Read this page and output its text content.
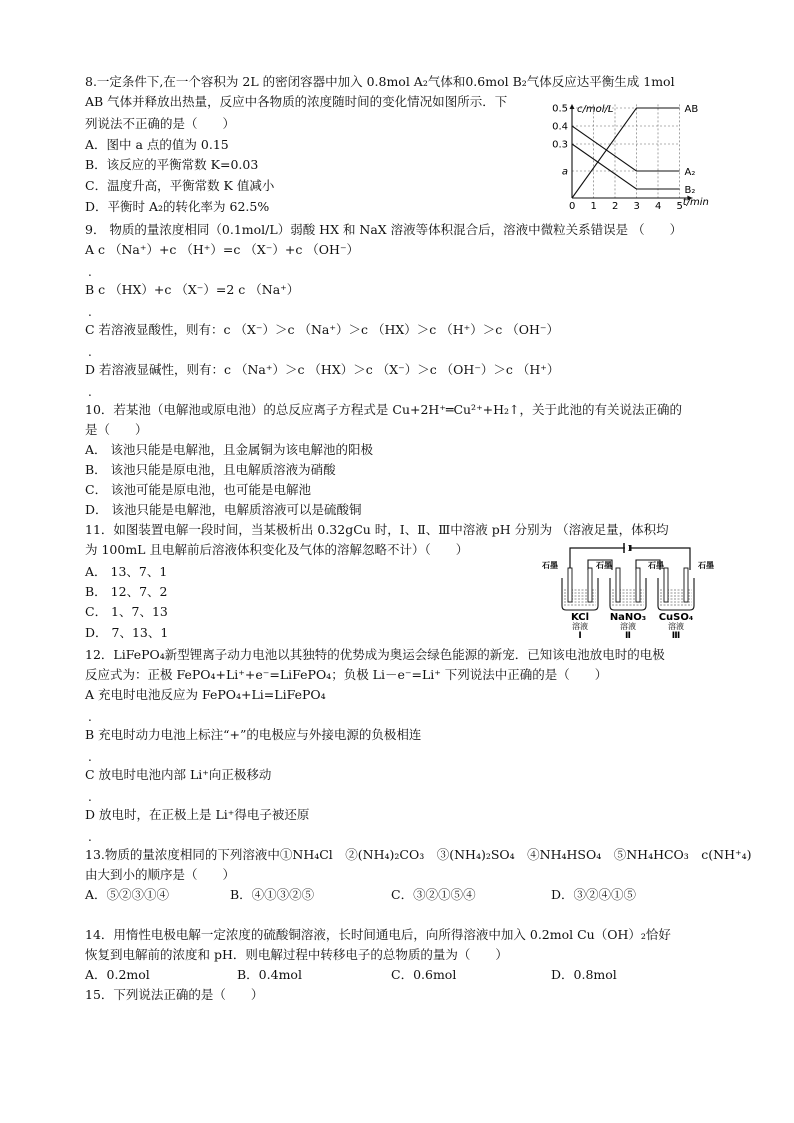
8.一定条件下,在一个容积为 2L 的密闭容器中加入 0.8mol A₂气体和0.6mol B₂气体反应达平衡生成 1mol
AB 气体并释放出热量，反应中各物质的浓度随时间的变化情况如图所示．下
列说法不正确的是（　　）
A．图中 a 点的值为 0.15
B．该反应的平衡常数 K=0.03
C．温度升高，平衡常数 K 值减小
D．平衡时 A₂的转化率为 62.5%
c/mol/L
t/min
0 1 2 3 4 5
0.5
0.4
0.3
a
AB
A₂
B₂
9． 物质的量浓度相同（0.1mol/L）弱酸 HX 和 NaX 溶液等体积混合后，溶液中微粒关系错误是 （　　）
A c （Na⁺）+c （H⁺）=c （X⁻）+c （OH⁻）
.
B c （HX）+c （X⁻）=2 c （Na⁺）
.
C 若溶液显酸性，则有：c （X⁻）＞c （Na⁺）＞c （HX）＞c （H⁺）＞c （OH⁻）
.
D 若溶液显碱性，则有：c （Na⁺）＞c （HX）＞c （X⁻）＞c （OH⁻）＞c （H⁺）
.
10．若某池（电解池或原电池）的总反应离子方程式是 Cu+2H⁺═Cu²⁺+H₂↑，关于此池的有关说法正确的
是（　　）
A． 该池只能是电解池，且金属铜为该电解池的阳极
B． 该池只能是原电池，且电解质溶液为硝酸
C． 该池可能是原电池，也可能是电解池
D． 该池只能是电解池，电解质溶液可以是硫酸铜
11．如图装置电解一段时间，当某极析出 0.32gCu 时，Ⅰ、Ⅱ、Ⅲ中溶液 pH 分别为 （溶液足量，体积均
为 100mL 且电解前后溶液体积变化及气体的溶解忽略不计）（　　）
A． 13、7、1
B． 12、7、2
C． 1、7、13
D． 7、13、1
KCl
溶液
Ⅰ
NaNO₃
溶液
Ⅱ
CuSO₄
溶液
Ⅲ
石墨	石墨	石墨	石墨
12．LiFePO₄新型锂离子动力电池以其独特的优势成为奥运会绿色能源的新宠．已知该电池放电时的电极
反应式为：正极 FePO₄+Li⁺+e⁻=LiFePO₄；负极 Li－e⁻=Li⁺ 下列说法中正确的是（　　）
A 充电时电池反应为 FePO₄+Li=LiFePO₄
.
B 充电时动力电池上标注“+”的电极应与外接电源的负极相连
.
C 放电时电池内部 Li⁺向正极移动
.
D 放电时，在正极上是 Li⁺得电子被还原
.
13.物质的量浓度相同的下列溶液中①NH₄Cl　②(NH₄)₂CO₃　③(NH₄)₂SO₄　④NH₄HSO₄　⑤NH₄HCO₃　c(NH⁺₄)
由大到小的顺序是（　　）
A．⑤②③①④	B．④①③②⑤	C．③②①⑤④	D．③②④①⑤
14．用惰性电极电解一定浓度的硫酸铜溶液，长时间通电后，向所得溶液中加入 0.2mol Cu（OH）₂恰好
恢复到电解前的浓度和 pH．则电解过程中转移电子的总物质的量为（　　）
A．0.2mol	B．0.4mol	C．0.6mol	D．0.8mol
15．下列说法正确的是（　　）
